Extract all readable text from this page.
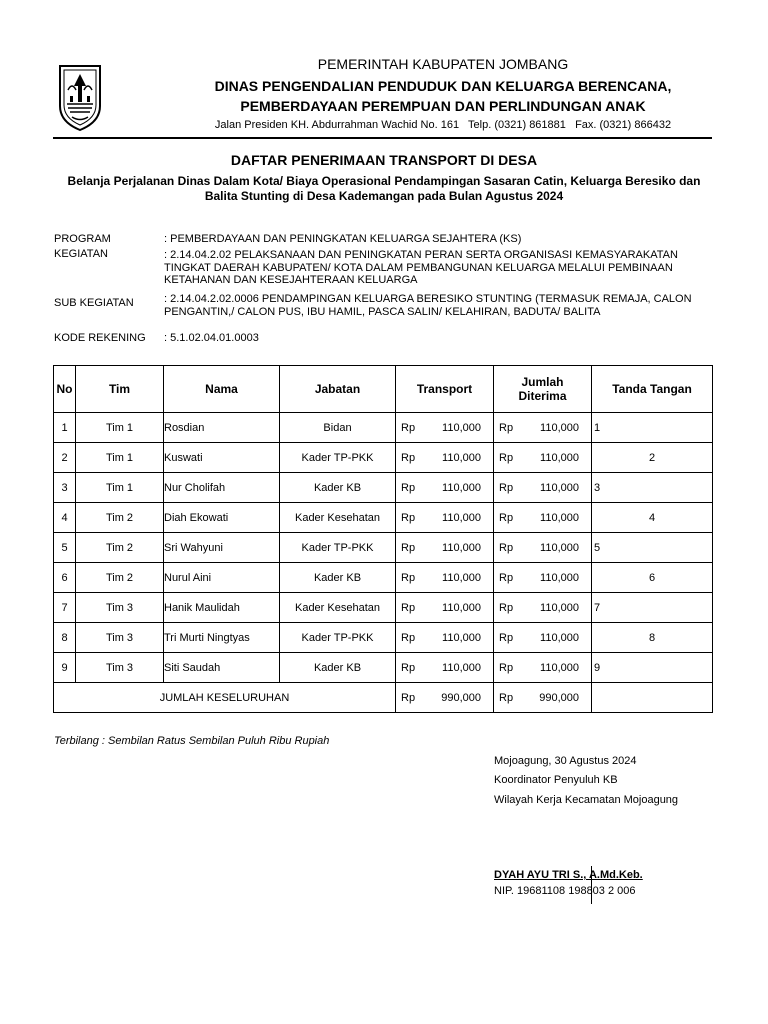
PEMERINTAH KABUPATEN JOMBANG
DINAS PENGENDALIAN PENDUDUK DAN KELUARGA BERENCANA,
PEMBERDAYAAN PEREMPUAN DAN PERLINDUNGAN ANAK
Jalan Presiden KH. Abdurrahman Wachid No. 161   Telp. (0321) 861881   Fax. (0321) 866432
DAFTAR PENERIMAAN TRANSPORT DI DESA
Belanja Perjalanan Dinas Dalam Kota/ Biaya Operasional Pendampingan Sasaran Catin, Keluarga Beresiko dan
Balita Stunting di Desa Kademangan pada Bulan Agustus 2024
PROGRAM	: PEMBERDAYAAN DAN PENINGKATAN KELUARGA SEJAHTERA (KS)
KEGIATAN	: 2.14.04.2.02 PELAKSANAAN DAN PENINGKATAN PERAN SERTA ORGANISASI KEMASYARAKATAN
TINGKAT DAERAH KABUPATEN/ KOTA DALAM PEMBANGUNAN KELUARGA MELALUI PEMBINAAN
KETAHANAN DAN KESEJAHTERAAN KELUARGA
SUB KEGIATAN	: 2.14.04.2.02.0006 PENDAMPINGAN KELUARGA BERESIKO STUNTING (TERMASUK REMAJA, CALON
PENGANTIN,/ CALON PUS, IBU HAMIL, PASCA SALIN/ KELAHIRAN, BADUTA/ BALITA
KODE REKENING : 5.1.02.04.01.0003
No	Tim	Nama	Jabatan	Transport	Jumlah Diterima	Tanda Tangan
1	Tim 1	Rosdian	Bidan	Rp 110,000	Rp 110,000	1
2	Tim 1	Kuswati	Kader TP-PKK	Rp 110,000	Rp 110,000	2
3	Tim 1	Nur Cholifah	Kader KB	Rp 110,000	Rp 110,000	3
4	Tim 2	Diah Ekowati	Kader Kesehatan	Rp 110,000	Rp 110,000	4
5	Tim 2	Sri Wahyuni	Kader TP-PKK	Rp 110,000	Rp 110,000	5
6	Tim 2	Nurul Aini	Kader KB	Rp 110,000	Rp 110,000	6
7	Tim 3	Hanik Maulidah	Kader Kesehatan	Rp 110,000	Rp 110,000	7
8	Tim 3	Tri Murti Ningtyas	Kader TP-PKK	Rp 110,000	Rp 110,000	8
9	Tim 3	Siti Saudah	Kader KB	Rp 110,000	Rp 110,000	9
JUMLAH KESELURUHAN				Rp 990,000	Rp 990,000	

Terbilang : Sembilan Ratus Sembilan Puluh Ribu Rupiah
Mojoagung, 30 Agustus 2024
Koordinator Penyuluh KB
Wilayah Kerja Kecamatan Mojoagung
DYAH AYU TRI S., A.Md.Keb.
NIP. 19681108 198803 2 006
